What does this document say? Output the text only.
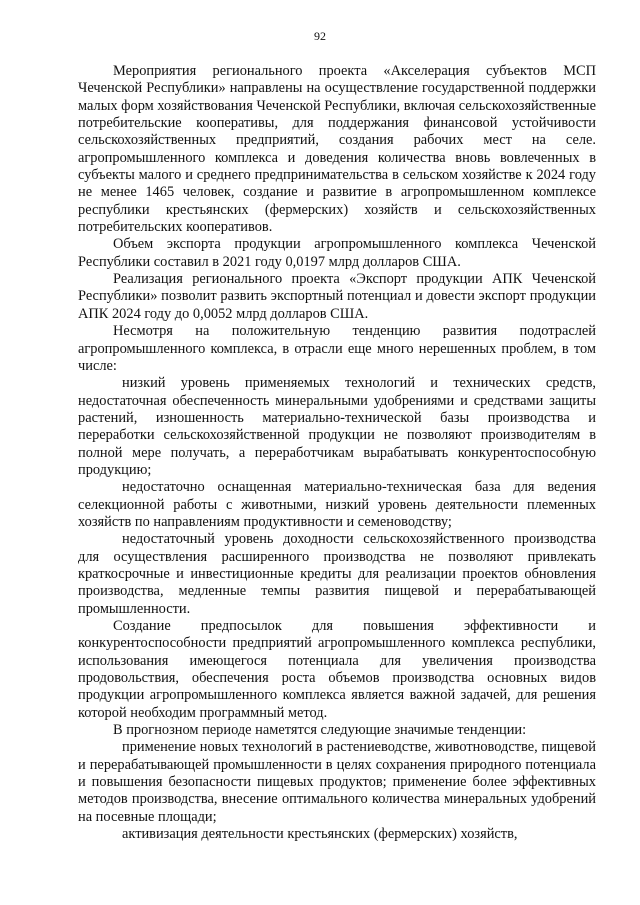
92

Мероприятия регионального проекта «Акселерация субъектов МСП Чеченской Республики» направлены на осуществление государственной поддержки малых форм хозяйствования Чеченской Республики, включая сельскохозяйственные потребительские кооперативы, для поддержания финансовой устойчивости сельскохозяйственных предприятий, создания рабочих мест на селе. агропромышленного комплекса и доведения количества вновь вовлеченных в субъекты малого и среднего предпринимательства в сельском хозяйстве к 2024 году не менее 1465 человек, создание и развитие в агропромышленном комплексе республики крестьянских (фермерских) хозяйств и сельскохозяйственных потребительских кооперативов.

Объем экспорта продукции агропромышленного комплекса Чеченской Республики составил в 2021 году 0,0197 млрд долларов США.

Реализация регионального проекта «Экспорт продукции АПК Чеченской Республики» позволит развить экспортный потенциал и довести экспорт продукции АПК 2024 году до 0,0052 млрд долларов США.

Несмотря на положительную тенденцию развития подотраслей агропромышленного комплекса, в отрасли еще много нерешенных проблем, в том числе:

низкий уровень применяемых технологий и технических средств, недостаточная обеспеченность минеральными удобрениями и средствами защиты растений, изношенность материально-технической базы производства и переработки сельскохозяйственной продукции не позволяют производителям в полной мере получать, а переработчикам вырабатывать конкурентоспособную продукцию;

недостаточно оснащенная материально-техническая база для ведения селекционной работы с животными, низкий уровень деятельности племенных хозяйств по направлениям продуктивности и семеноводству;

недостаточный уровень доходности сельскохозяйственного производства для осуществления расширенного производства не позволяют привлекать краткосрочные и инвестиционные кредиты для реализации проектов обновления производства, медленные темпы развития пищевой и перерабатывающей промышленности.

Создание предпосылок для повышения эффективности и конкурентоспособности предприятий агропромышленного комплекса республики, использования имеющегося потенциала для увеличения производства продовольствия, обеспечения роста объемов производства основных видов продукции агропромышленного комплекса является важной задачей, для решения которой необходим программный метод.

В прогнозном периоде наметятся следующие значимые тенденции:

применение новых технологий в растениеводстве, животноводстве, пищевой и перерабатывающей промышленности в целях сохранения природного потенциала и повышения безопасности пищевых продуктов; применение более эффективных методов производства, внесение оптимального количества минеральных удобрений на посевные площади;

активизация деятельности крестьянских (фермерских) хозяйств,
